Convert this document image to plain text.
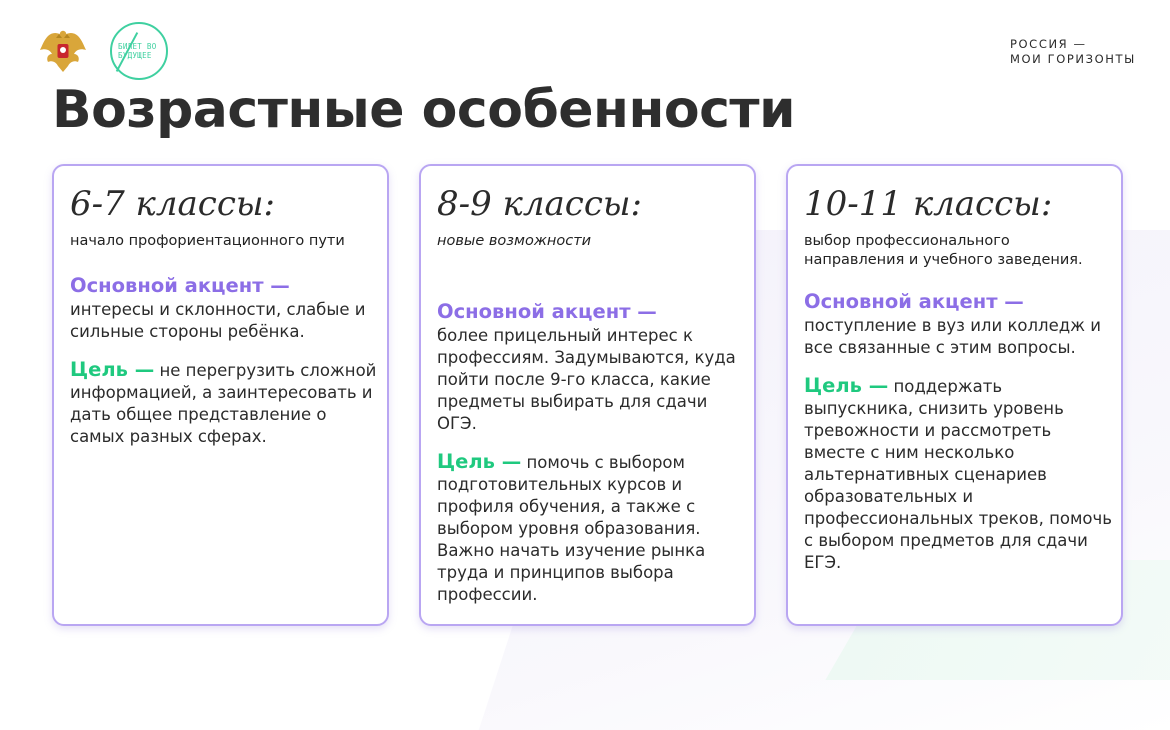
БИЛЕТ ВО БУДУЩЕЕ
РОССИЯ —
МОИ ГОРИЗОНТЫ
Возрастные особенности
6-7 классы:

начало профориентационного пути

Основной акцент —
интересы и склонности, слабые и сильные стороны ребёнка.
Цель — не перегрузить сложной информацией, а заинтересовать и дать общее представление о самых разных сферах.
8-9 классы:

новые возможности

Основной акцент —
более прицельный интерес к профессиям. Задумываются, куда пойти после 9-го класса, какие предметы выбирать для сдачи ОГЭ.
Цель — помочь с выбором подготовительных курсов и профиля обучения, а также с выбором уровня образования. Важно начать изучение рынка труда и принципов выбора профессии.
10-11 классы:

выбор профессионального направления и учебного заведения.

Основной акцент —
поступление в вуз или колледж и все связанные с этим вопросы.
Цель — поддержать выпускника, снизить уровень тревожности и рассмотреть вместе с ним несколько альтернативных сценариев образовательных и профессиональных треков, помочь с выбором предметов для сдачи ЕГЭ.
